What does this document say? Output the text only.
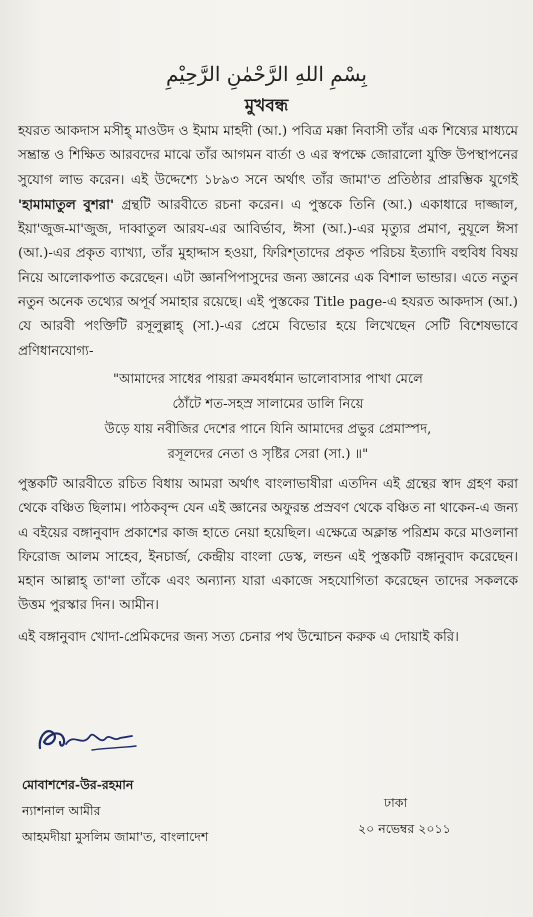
بِسْمِ اللهِ الرَّحْمٰنِ الرَّحِيْمِ
মুখবন্ধ

হযরত আকদাস মসীহ্ মাওউদ ও ইমাম মাহদী (আ.) পবিত্র মক্কা নিবাসী তাঁর এক শিষ্যের মাধ্যমে সম্ভ্রান্ত ও শিক্ষিত আরবদের মাঝে তাঁর আগমন বার্তা ও এর স্বপক্ষে জোরালো যুক্তি উপস্থাপনের সুযোগ লাভ করেন। এই উদ্দেশ্যে ১৮৯৩ সনে অর্থাৎ তাঁর জামা'ত প্রতিষ্ঠার প্রারম্ভিক যুগেই 'হামামাতুল বুশরা' গ্রন্থটি আরবীতে রচনা করেন। এ পুস্তকে তিনি (আ.) একাধারে দাজ্জাল, ইয়া'জুজ-মা'জুজ, দাব্বাতুল আরয-এর আবির্ভাব, ঈসা (আ.)-এর মৃত্যুর প্রমাণ, নুযূলে ঈসা (আ.)-এর প্রকৃত ব্যাখ্যা, তাঁর মুহাদ্দাস হওয়া, ফিরিশ্‌তাদের প্রকৃত পরিচয় ইত্যাদি বহুবিধ বিষয় নিয়ে আলোকপাত করেছেন। এটা জ্ঞানপিপাসুদের জন্য জ্ঞানের এক বিশাল ভান্ডার। এতে নতুন নতুন অনেক তথ্যের অপূর্ব সমাহার রয়েছে। এই পুস্তকের Title page-এ হযরত আকদাস (আ.) যে আরবী পংক্তিটি রসূলুল্লাহ্ (সা.)-এর প্রেমে বিভোর হয়ে লিখেছেন সেটি বিশেষভাবে প্রণিধানযোগ্য-

"আমাদের সাধের পায়রা ক্রমবর্ধমান ভালোবাসার পাখা মেলে
ঠোঁটে শত-সহস্র সালামের ডালি নিয়ে
উড়ে যায় নবীজির দেশের পানে যিনি আমাদের প্রভুর প্রেমাস্পদ,
রসূলদের নেতা ও সৃষ্টির সেরা (সা.) ॥"

পুস্তকটি আরবীতে রচিত বিধায় আমরা অর্থাৎ বাংলাভাষীরা এতদিন এই গ্রন্থের স্বাদ গ্রহণ করা থেকে বঞ্চিত ছিলাম। পাঠকবৃন্দ যেন এই জ্ঞানের অফুরন্ত প্রস্রবণ থেকে বঞ্চিত না থাকেন-এ জন্য এ বইয়ের বঙ্গানুবাদ প্রকাশের কাজ হাতে নেয়া হয়েছিল। এক্ষেত্রে অক্লান্ত পরিশ্রম করে মাওলানা ফিরোজ আলম সাহেব, ইনচার্জ, কেন্দ্রীয় বাংলা ডেস্ক, লন্ডন এই পুস্তকটি বঙ্গানুবাদ করেছেন। মহান আল্লাহ্ তা'লা তাঁকে এবং অন্যান্য যারা একাজে সহযোগিতা করেছেন তাদের সকলকে উত্তম পুরস্কার দিন। আমীন।

এই বঙ্গানুবাদ খোদা-প্রেমিকদের জন্য সত্য চেনার পথ উন্মোচন করুক এ দোয়াই করি।

মোবাশশের-উর-রহমান
ন্যাশনাল আমীর
আহমদীয়া মুসলিম জামা'ত, বাংলাদেশ
ঢাকা
২০ নভেম্বর ২০১১
